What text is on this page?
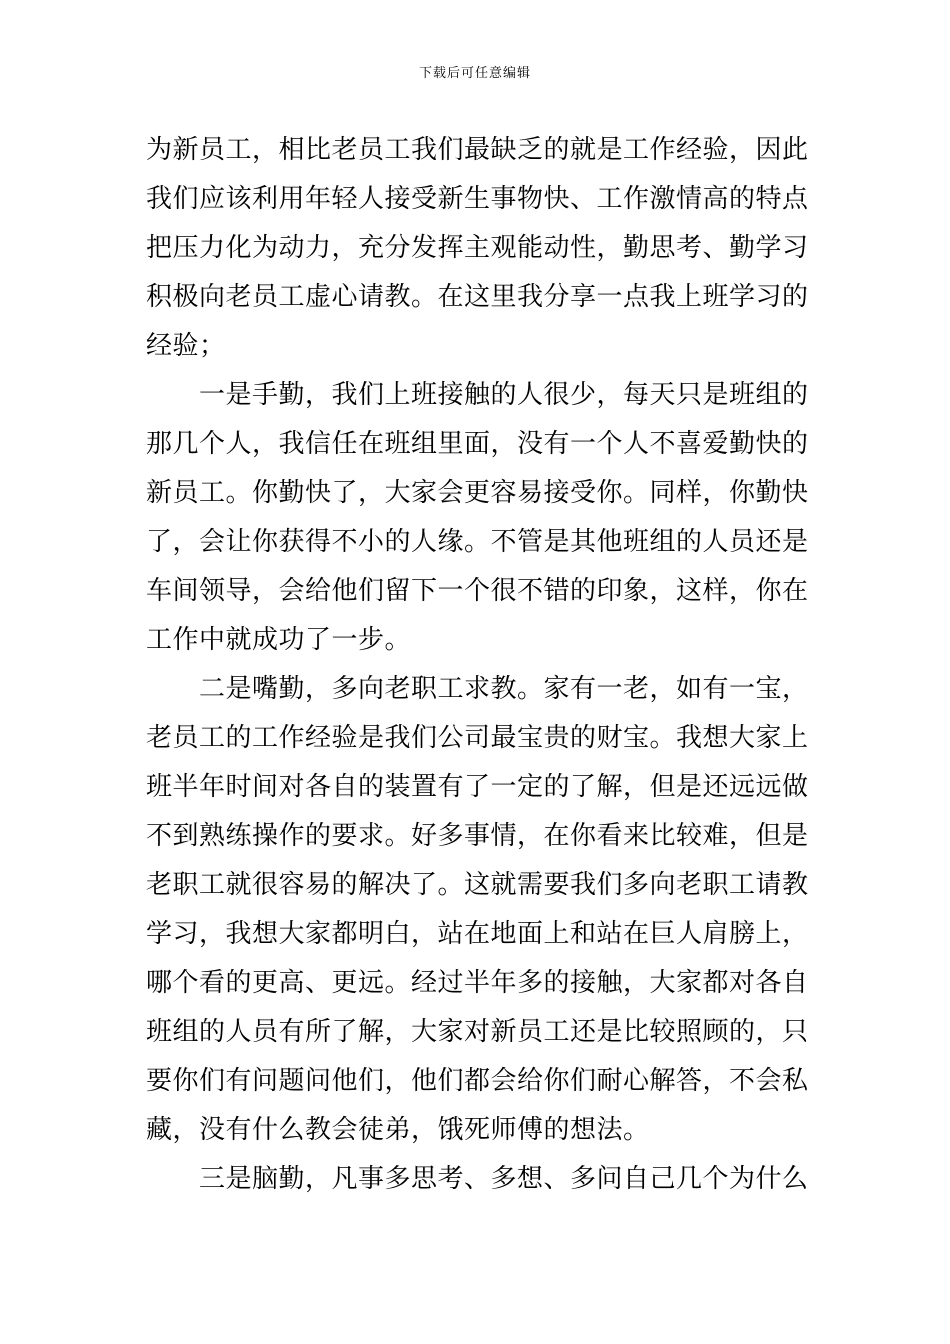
下载后可任意编辑
为新员工，相比老员工我们最缺乏的就是工作经验，因此
我们应该利用年轻人接受新生事物快、工作激情高的特点
把压力化为动力，充分发挥主观能动性，勤思考、勤学习
积极向老员工虚心请教。在这里我分享一点我上班学习的
经验；
一是手勤，我们上班接触的人很少，每天只是班组的
那几个人，我信任在班组里面，没有一个人不喜爱勤快的
新员工。你勤快了，大家会更容易接受你。同样，你勤快
了，会让你获得不小的人缘。不管是其他班组的人员还是
车间领导，会给他们留下一个很不错的印象，这样，你在
工作中就成功了一步。
二是嘴勤，多向老职工求教。家有一老，如有一宝，
老员工的工作经验是我们公司最宝贵的财宝。我想大家上
班半年时间对各自的装置有了一定的了解，但是还远远做
不到熟练操作的要求。好多事情，在你看来比较难，但是
老职工就很容易的解决了。这就需要我们多向老职工请教
学习，我想大家都明白，站在地面上和站在巨人肩膀上，
哪个看的更高、更远。经过半年多的接触，大家都对各自
班组的人员有所了解，大家对新员工还是比较照顾的，只
要你们有问题问他们，他们都会给你们耐心解答，不会私
藏，没有什么教会徒弟，饿死师傅的想法。
三是脑勤，凡事多思考、多想、多问自己几个为什么
